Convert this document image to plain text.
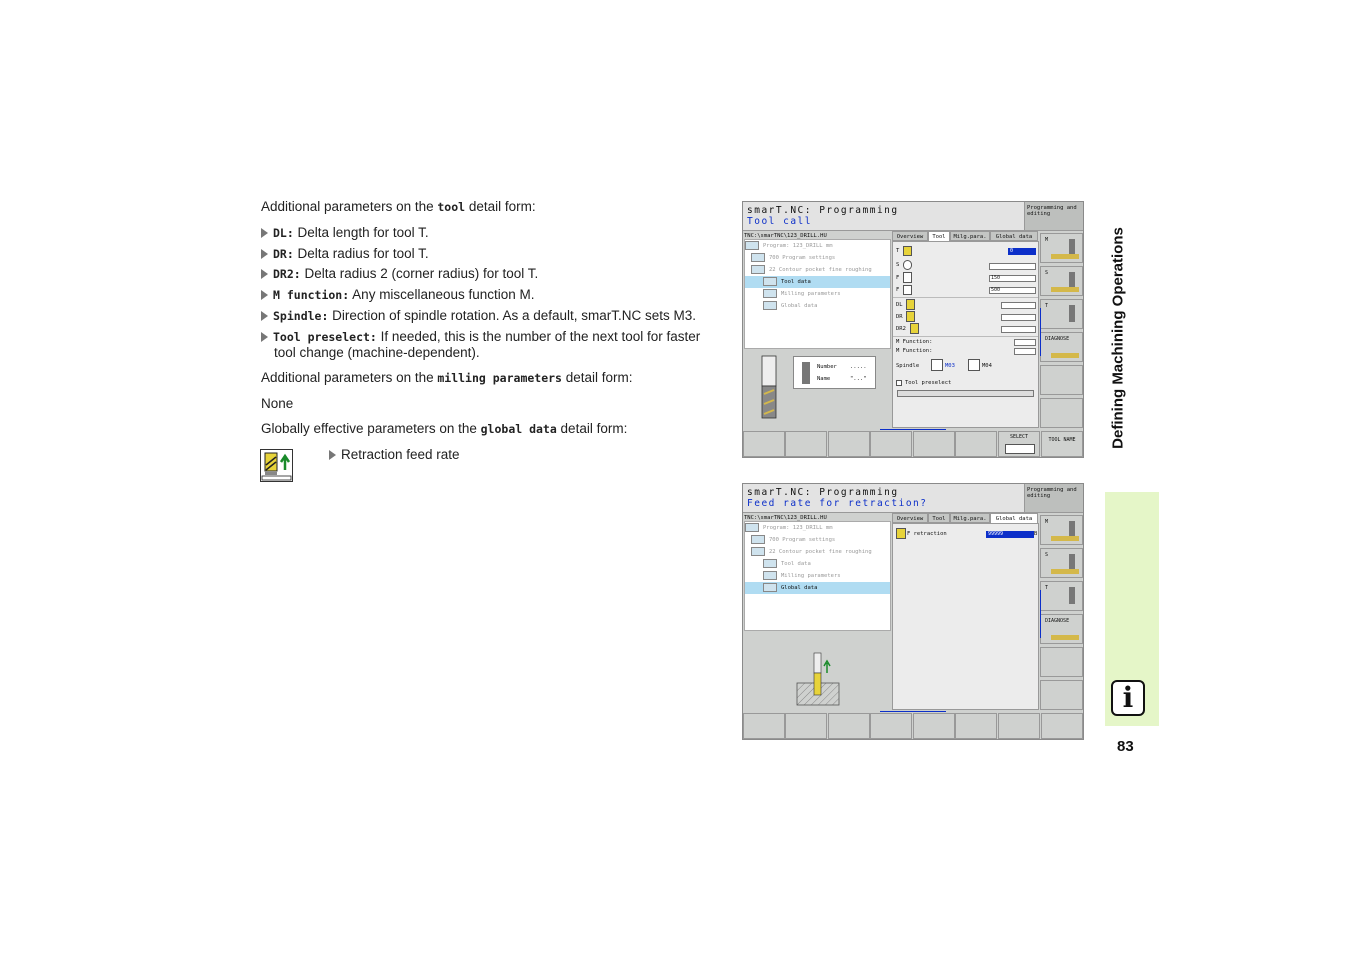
Additional parameters on the tool detail form:
DL: Delta length for tool T.
DR: Delta radius for tool T.
DR2: Delta radius 2 (corner radius) for tool T.
M function: Any miscellaneous function M.
Spindle: Direction of spindle rotation. As a default, smarT.NC sets M3.
Tool preselect: If needed, this is the number of the next tool for faster
tool change (machine-dependent).
Additional parameters on the milling parameters detail form:
None
Globally effective parameters on the global data detail form:
Retraction feed rate
Defining Machining Operations
i
83
smarT.NC: Programming
Tool call
Programming and editing
TNC:\smarTNC\123_DRILL.HU
Program: 123_DRILL mm
700 Program settings
22 Contour pocket fine roughing
Tool data
Milling parameters
Global data
Number .....
Name	"..."
Overview	Tool	Milg.para.	Global data
T	0
S
F	150
F	500
DL
DR
DR2
M Function:
M Function:
Spindle	M03	M04
Tool preselect
M
S
T
DIAGNOSE
SELECT	TOOL NAME
smarT.NC: Programming
Feed rate for retraction?
Programming and editing
TNC:\smarTNC\123_DRILL.HU
Program: 123_DRILL mm
700 Program settings
22 Contour pocket fine roughing
Tool data
Milling parameters
Global data
Overview	Tool	Milg.para.	Global data
F retraction	99999	B
M
S
T
DIAGNOSE
